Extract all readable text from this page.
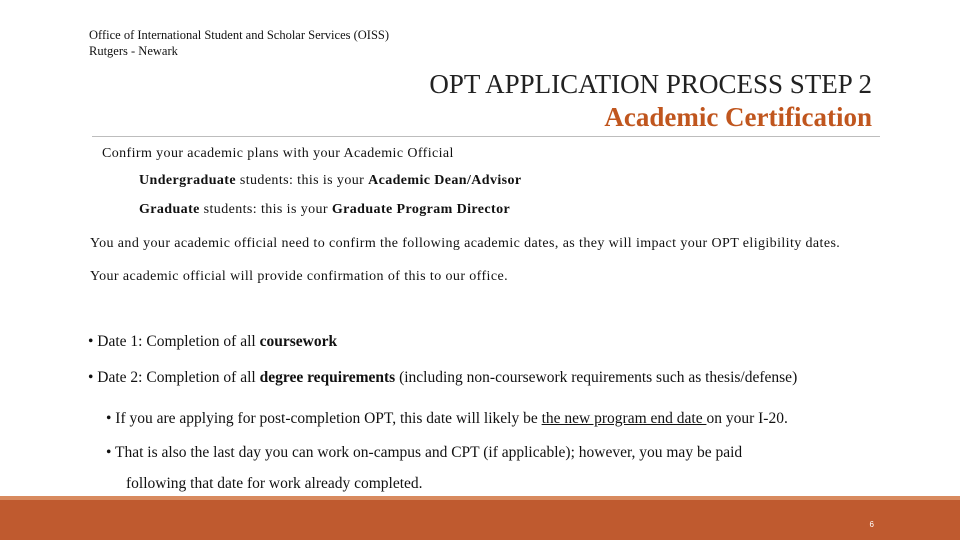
Office of International Student and Scholar Services (OISS)
Rutgers - Newark
OPT APPLICATION PROCESS STEP 2
Academic Certification
Confirm your academic plans with your Academic Official
Undergraduate students: this is your Academic Dean/Advisor
Graduate students: this is your Graduate Program Director
You and your academic official need to confirm the following academic dates, as they will impact your OPT eligibility dates.
Your academic official will provide confirmation of this to our office.
• Date 1: Completion of all coursework
• Date 2: Completion of all degree requirements (including non-coursework requirements such as thesis/defense)
• If you are applying for post-completion OPT, this date will likely be the new program end date on your I-20.
• That is also the last day you can work on-campus and CPT (if applicable); however, you may be paid
following that date for work already completed.
6
